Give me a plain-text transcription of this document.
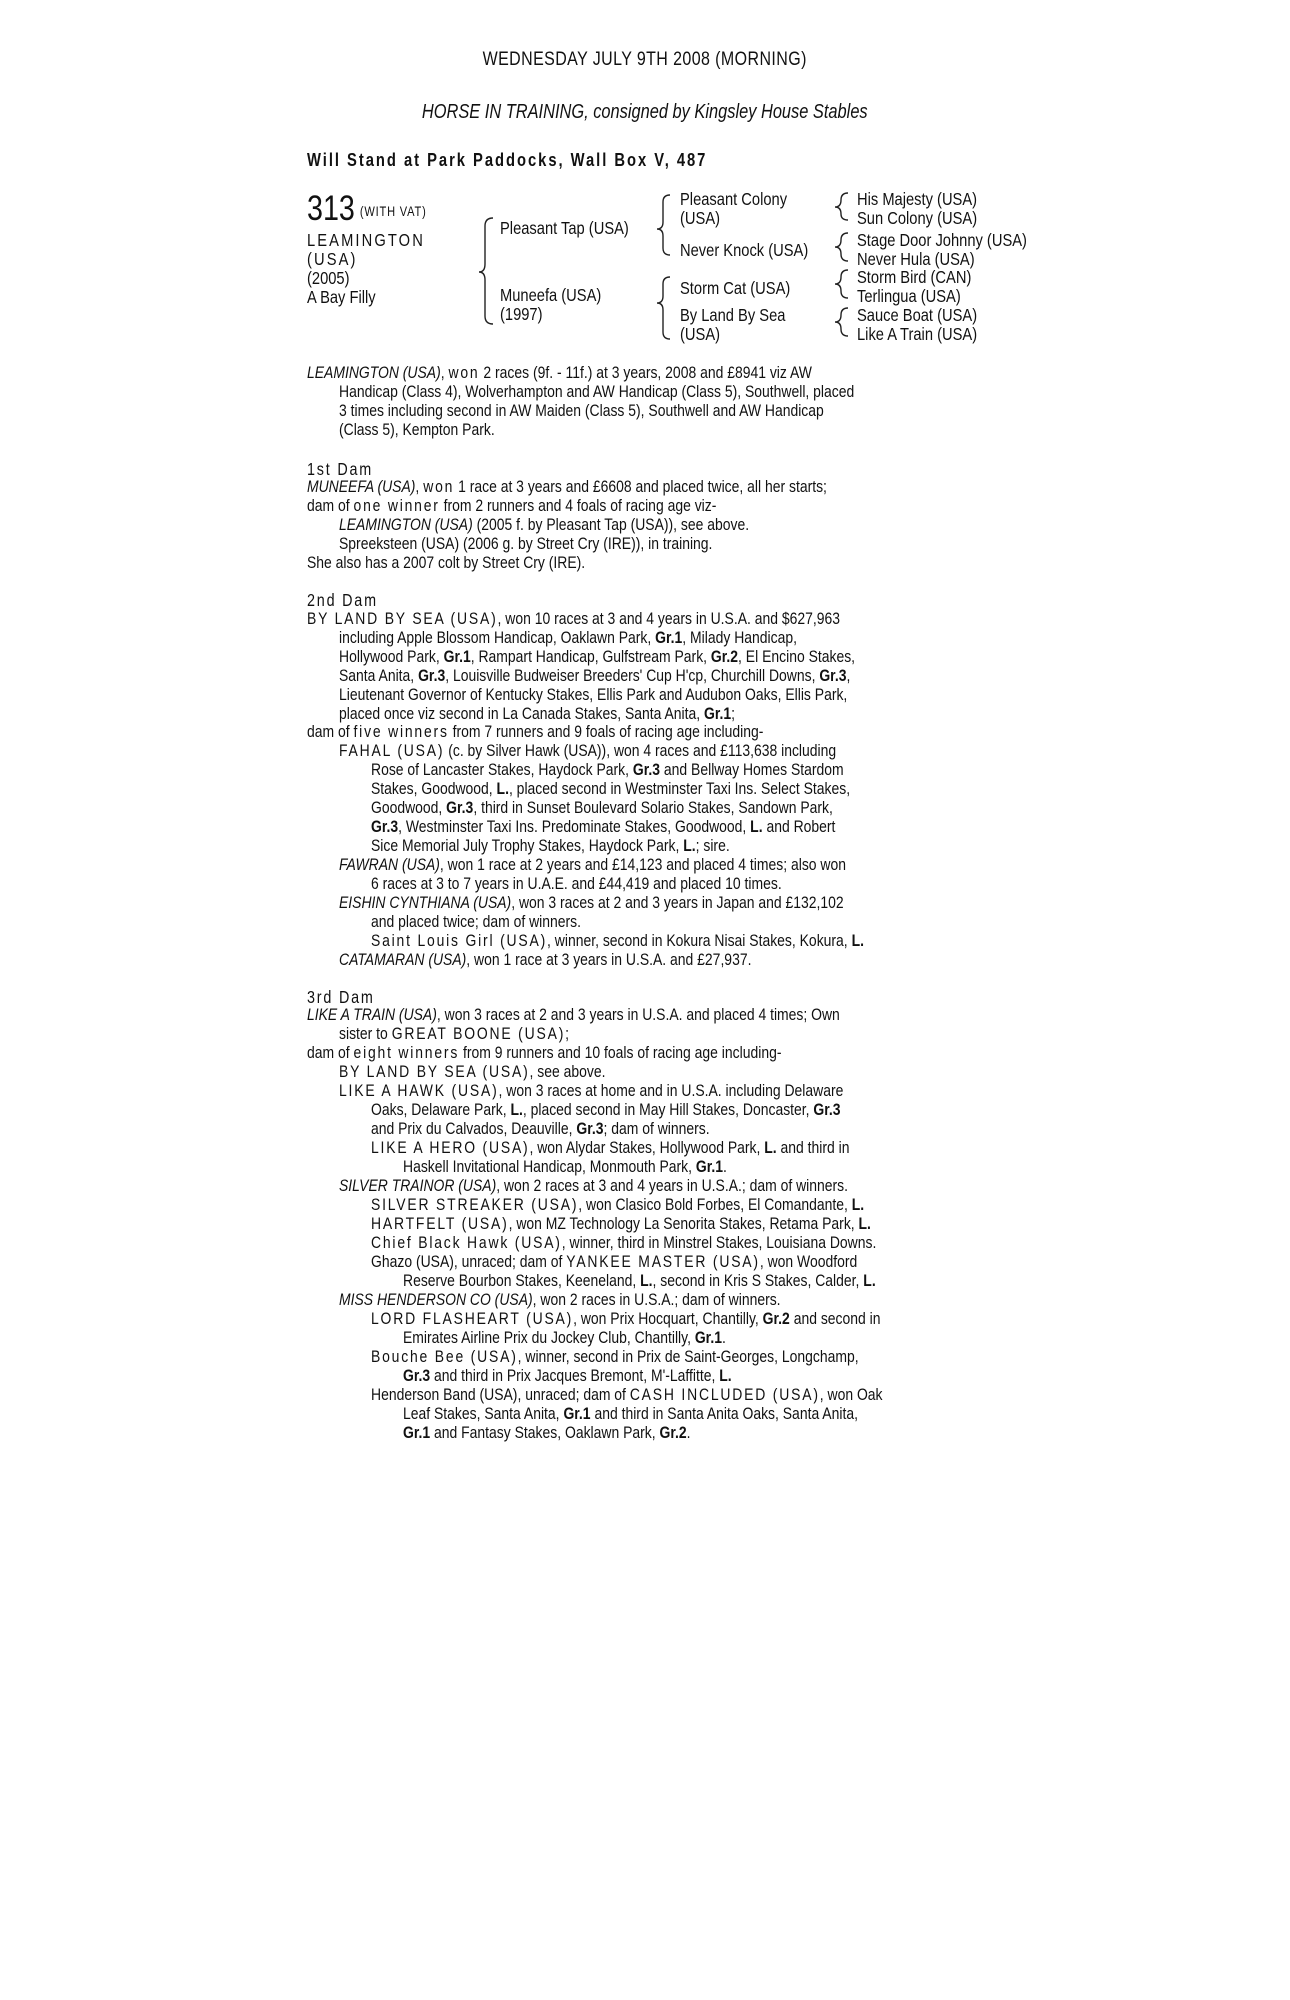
WEDNESDAY JULY 9TH 2008 (MORNING)
HORSE IN TRAINING, consigned by Kingsley House Stables
Will Stand at Park Paddocks, Wall Box V, 487
313 (WITH VAT)
LEAMINGTON
(USA)
(2005)
A Bay Filly
Pleasant Tap (USA)
Muneefa (USA)
(1997)
Pleasant Colony
(USA)
Never Knock (USA)
Storm Cat (USA)
By Land By Sea
(USA)
His Majesty (USA)
Sun Colony (USA)
Stage Door Johnny (USA)
Never Hula (USA)
Storm Bird (CAN)
Terlingua (USA)
Sauce Boat (USA)
Like A Train (USA)
LEAMINGTON (USA), won 2 races (9f. - 11f.) at 3 years, 2008 and £8941 viz AW
Handicap (Class 4), Wolverhampton and AW Handicap (Class 5), Southwell, placed
3 times including second in AW Maiden (Class 5), Southwell and AW Handicap
(Class 5), Kempton Park.
1st Dam
MUNEEFA (USA), won 1 race at 3 years and £6608 and placed twice, all her starts;
dam of one winner from 2 runners and 4 foals of racing age viz-
LEAMINGTON (USA) (2005 f. by Pleasant Tap (USA)), see above.
Spreeksteen (USA) (2006 g. by Street Cry (IRE)), in training.
She also has a 2007 colt by Street Cry (IRE).
2nd Dam
BY LAND BY SEA (USA), won 10 races at 3 and 4 years in U.S.A. and $627,963
including Apple Blossom Handicap, Oaklawn Park, Gr.1, Milady Handicap,
Hollywood Park, Gr.1, Rampart Handicap, Gulfstream Park, Gr.2, El Encino Stakes,
Santa Anita, Gr.3, Louisville Budweiser Breeders' Cup H'cp, Churchill Downs, Gr.3,
Lieutenant Governor of Kentucky Stakes, Ellis Park and Audubon Oaks, Ellis Park,
placed once viz second in La Canada Stakes, Santa Anita, Gr.1;
dam of five winners from 7 runners and 9 foals of racing age including-
FAHAL (USA) (c. by Silver Hawk (USA)), won 4 races and £113,638 including
Rose of Lancaster Stakes, Haydock Park, Gr.3 and Bellway Homes Stardom
Stakes, Goodwood, L., placed second in Westminster Taxi Ins. Select Stakes,
Goodwood, Gr.3, third in Sunset Boulevard Solario Stakes, Sandown Park,
Gr.3, Westminster Taxi Ins. Predominate Stakes, Goodwood, L. and Robert
Sice Memorial July Trophy Stakes, Haydock Park, L.; sire.
FAWRAN (USA), won 1 race at 2 years and £14,123 and placed 4 times; also won
6 races at 3 to 7 years in U.A.E. and £44,419 and placed 10 times.
EISHIN CYNTHIANA (USA), won 3 races at 2 and 3 years in Japan and £132,102
and placed twice; dam of winners.
Saint Louis Girl (USA), winner, second in Kokura Nisai Stakes, Kokura, L.
CATAMARAN (USA), won 1 race at 3 years in U.S.A. and £27,937.
3rd Dam
LIKE A TRAIN (USA), won 3 races at 2 and 3 years in U.S.A. and placed 4 times; Own
sister to GREAT BOONE (USA);
dam of eight winners from 9 runners and 10 foals of racing age including-
BY LAND BY SEA (USA), see above.
LIKE A HAWK (USA), won 3 races at home and in U.S.A. including Delaware
Oaks, Delaware Park, L., placed second in May Hill Stakes, Doncaster, Gr.3
and Prix du Calvados, Deauville, Gr.3; dam of winners.
LIKE A HERO (USA), won Alydar Stakes, Hollywood Park, L. and third in
Haskell Invitational Handicap, Monmouth Park, Gr.1.
SILVER TRAINOR (USA), won 2 races at 3 and 4 years in U.S.A.; dam of winners.
SILVER STREAKER (USA), won Clasico Bold Forbes, El Comandante, L.
HARTFELT (USA), won MZ Technology La Senorita Stakes, Retama Park, L.
Chief Black Hawk (USA), winner, third in Minstrel Stakes, Louisiana Downs.
Ghazo (USA), unraced; dam of YANKEE MASTER (USA), won Woodford
Reserve Bourbon Stakes, Keeneland, L., second in Kris S Stakes, Calder, L.
MISS HENDERSON CO (USA), won 2 races in U.S.A.; dam of winners.
LORD FLASHEART (USA), won Prix Hocquart, Chantilly, Gr.2 and second in
Emirates Airline Prix du Jockey Club, Chantilly, Gr.1.
Bouche Bee (USA), winner, second in Prix de Saint-Georges, Longchamp,
Gr.3 and third in Prix Jacques Bremont, M'-Laffitte, L.
Henderson Band (USA), unraced; dam of CASH INCLUDED (USA), won Oak
Leaf Stakes, Santa Anita, Gr.1 and third in Santa Anita Oaks, Santa Anita,
Gr.1 and Fantasy Stakes, Oaklawn Park, Gr.2.
